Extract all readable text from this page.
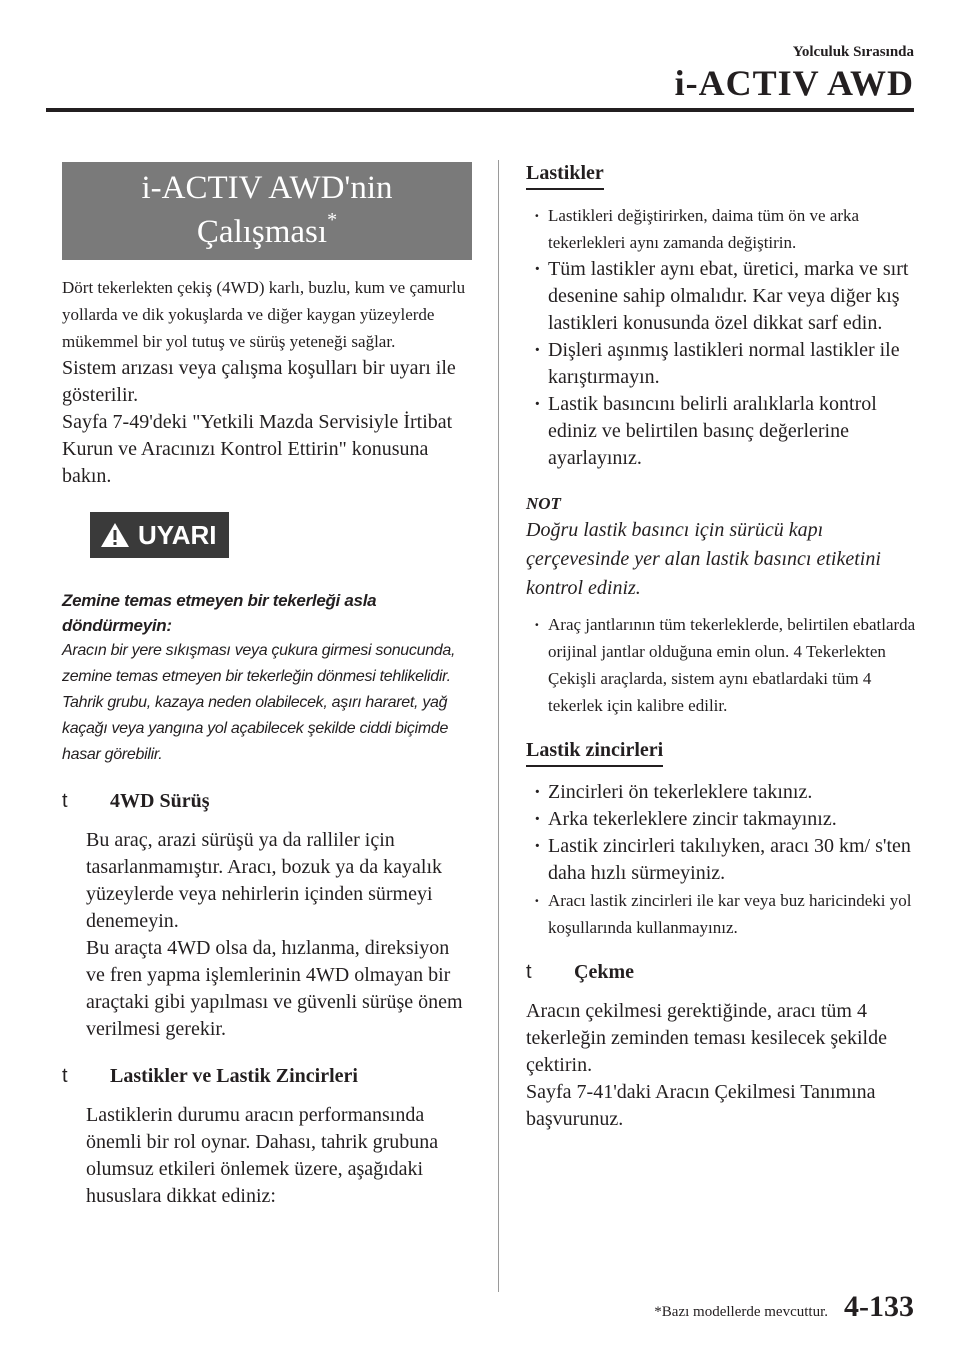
Yolculuk Sırasında
i-ACTIV AWD
i-ACTIV AWD'nin
Çalışması*

Dört tekerlekten çekiş (4WD) karlı, buzlu, kum ve çamurlu yollarda ve dik yokuşlarda ve diğer kaygan yüzeylerde mükemmel bir yol tutuş ve sürüş yeteneği sağlar.

Sistem arızası veya çalışma koşulları bir uyarı ile gösterilir.

Sayfa 7-49'deki "Yetkili Mazda Servisiyle İrtibat Kurun ve Aracınızı Kontrol Ettirin" konusuna bakın.

UYARI

Zemine temas etmeyen bir tekerleği asla döndürmeyin:

Aracın bir yere sıkışması veya çukura girmesi sonucunda, zemine temas etmeyen bir tekerleğin dönmesi tehlikelidir. Tahrik grubu, kazaya neden olabilecek, aşırı hararet, yağ kaçağı veya yangına yol açabilecek şekilde ciddi biçimde hasar görebilir.

t	4WD Sürüş

Bu araç, arazi sürüşü ya da ralliler için tasarlanmamıştır. Aracı, bozuk ya da kayalık yüzeylerde veya nehirlerin içinden sürmeyi denemeyin.

Bu araçta 4WD olsa da, hızlanma, direksiyon ve fren yapma işlemlerinin 4WD olmayan bir araçtaki gibi yapılması ve güvenli sürüşe önem verilmesi gerekir.

t	Lastikler ve Lastik Zincirleri

Lastiklerin durumu aracın performansında önemli bir rol oynar. Dahası, tahrik grubuna olumsuz etkileri önlemek üzere, aşağıdaki hususlara dikkat ediniz:

Lastikler
· Lastikleri değiştirirken, daima tüm ön ve arka tekerlekleri aynı zamanda değiştirin.
· Tüm lastikler aynı ebat, üretici, marka ve sırt desenine sahip olmalıdır. Kar veya diğer kış lastikleri konusunda özel dikkat sarf edin.
· Dişleri aşınmış lastikleri normal lastikler ile karıştırmayın.
· Lastik basıncını belirli aralıklarla kontrol ediniz ve belirtilen basınç değerlerine ayarlayınız.
NOT

Doğru lastik basıncı için sürücü kapı çerçevesinde yer alan lastik basıncı etiketini kontrol ediniz.

· Araç jantlarının tüm tekerleklerde, belirtilen ebatlarda orijinal jantlar olduğuna emin olun. 4 Tekerlekten Çekişli araçlarda, sistem aynı ebatlardaki tüm 4 tekerlek için kalibre edilir.
Lastik zincirleri
· Zincirleri ön tekerleklere takınız.
· Arka tekerleklere zincir takmayınız.
· Lastik zincirleri takılıyken, aracı 30 km/ s'ten daha hızlı sürmeyiniz.
· Aracı lastik zincirleri ile kar veya buz haricindeki yol koşullarında kullanmayınız.
t	Çekme

Aracın çekilmesi gerektiğinde, aracı tüm 4 tekerleğin zeminden teması kesilecek şekilde çektirin.

Sayfa 7-41'daki Aracın Çekilmesi Tanımına başvurunuz.

*Bazı modellerde mevcuttur. 4-133
